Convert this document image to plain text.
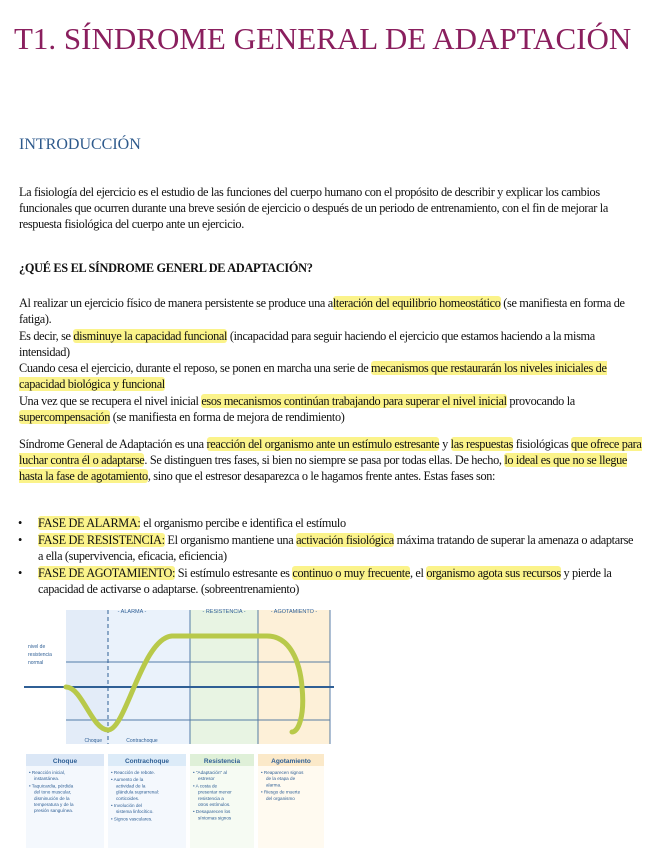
T1. SÍNDROME GENERAL DE ADAPTACIÓN
INTRODUCCIÓN

La fisiología del ejercicio es el estudio de las funciones del cuerpo humano con el propósito de describir y explicar los cambios funcionales que ocurren durante una breve sesión de ejercicio o después de un periodo de entrenamiento, con el fin de mejorar la respuesta fisiológica del cuerpo ante un ejercicio.

¿QUÉ ES EL SÍNDROME GENERL DE ADAPTACIÓN?

Al realizar un ejercicio físico de manera persistente se produce una alteración del equilibrio homeostático (se manifiesta en forma de fatiga).

Es decir, se disminuye la capacidad funcional (incapacidad para seguir haciendo el ejercicio que estamos haciendo a la misma intensidad)

Cuando cesa el ejercicio, durante el reposo, se ponen en marcha una serie de mecanismos que restaurarán los niveles iniciales de capacidad biológica y funcional

Una vez que se recupera el nivel inicial esos mecanismos continúan trabajando para superar el nivel inicial provocando la supercompensación (se manifiesta en forma de mejora de rendimiento)

Síndrome General de Adaptación es una reacción del organismo ante un estímulo estresante y las respuestas fisiológicas que ofrece para luchar contra él o adaptarse. Se distinguen tres fases, si bien no siempre se pasa por todas ellas. De hecho, lo ideal es que no se llegue hasta la fase de agotamiento, sino que el estresor desaparezca o le hagamos frente antes. Estas fases son:

• FASE DE ALARMA: el organismo percibe e identifica el estímulo
• FASE DE RESISTENCIA: El organismo mantiene una activación fisiológica máxima tratando de superar la amenaza o adaptarse a ella (supervivencia, eficacia, eficiencia)
• FASE DE AGOTAMIENTO: Si estímulo estresante es continuo o muy frecuente, el organismo agota sus recursos y pierde la capacidad de activarse o adaptarse. (sobreentrenamiento)
- ALARMA -	- RESISTENCIA -	- AGOTAMIENTO -
nivel de
resistencia
normal
Choque	Contrachoque
Choque	Contrachoque	Resistencia	Agotamiento
• Reacción inicial,
instantánea.
• Taquicardia, pérdida
del tono muscular,
disminución de la
temperatura y de la
presión sanguínea.
• Reacción de rebote.
• Aumento de la
actividad de la
glándula suprarrenal:
corticoides.
• Involución del
sistema linfocítico.
• Signos vasculares.
• "Adaptación" al
estresor
• A costa de
presentar menor
resistencia a
otros estímulos.
• Desaparecen los
síntomas signos
• Reaparecen signos
de la etapa de
alarma.
• Riesgo de muerte
del organismo
